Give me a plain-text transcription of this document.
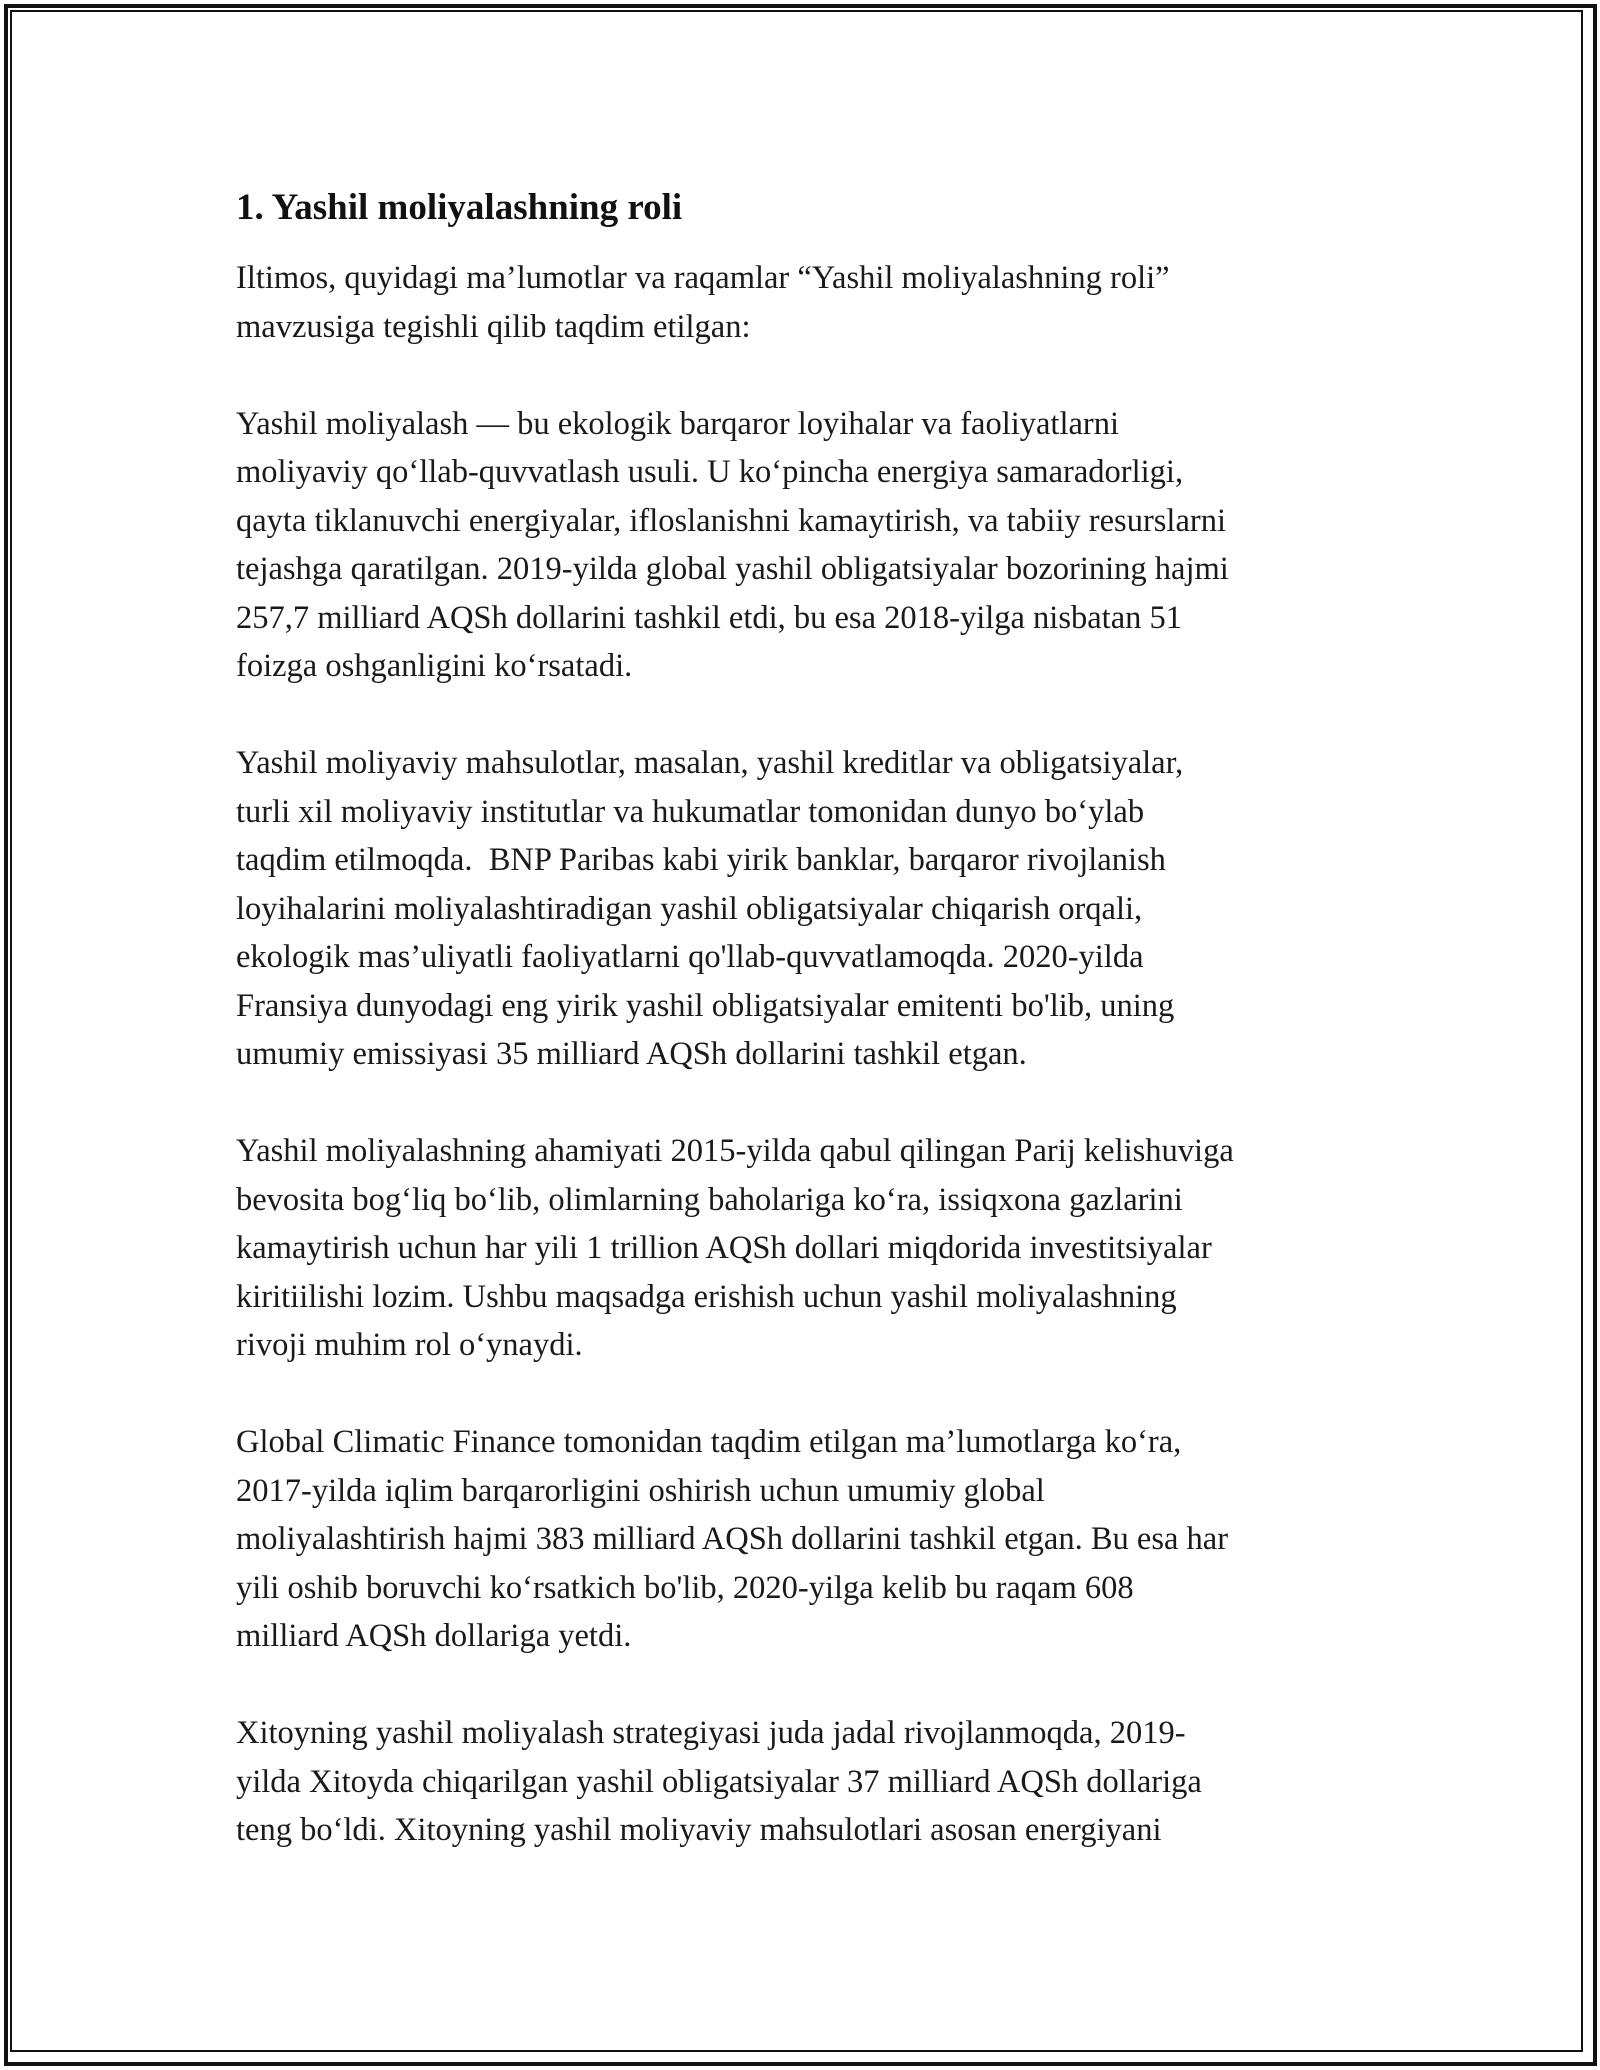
1. Yashil moliyalashning roli

Iltimos, quyidagi ma’lumotlar va raqamlar “Yashil moliyalashning roli”
mavzusiga tegishli qilib taqdim etilgan:

Yashil moliyalash — bu ekologik barqaror loyihalar va faoliyatlarni
moliyaviy qo‘llab-quvvatlash usuli. U ko‘pincha energiya samaradorligi,
qayta tiklanuvchi energiyalar, ifloslanishni kamaytirish, va tabiiy resurslarni
tejashga qaratilgan. 2019-yilda global yashil obligatsiyalar bozorining hajmi
257,7 milliard AQSh dollarini tashkil etdi, bu esa 2018-yilga nisbatan 51
foizga oshganligini ko‘rsatadi.

Yashil moliyaviy mahsulotlar, masalan, yashil kreditlar va obligatsiyalar,
turli xil moliyaviy institutlar va hukumatlar tomonidan dunyo bo‘ylab
taqdim etilmoqda.  BNP Paribas kabi yirik banklar, barqaror rivojlanish
loyihalarini moliyalashtiradigan yashil obligatsiyalar chiqarish orqali,
ekologik mas’uliyatli faoliyatlarni qo'llab-quvvatlamoqda. 2020-yilda
Fransiya dunyodagi eng yirik yashil obligatsiyalar emitenti bo'lib, uning
umumiy emissiyasi 35 milliard AQSh dollarini tashkil etgan.

Yashil moliyalashning ahamiyati 2015-yilda qabul qilingan Parij kelishuviga
bevosita bog‘liq bo‘lib, olimlarning baholariga ko‘ra, issiqxona gazlarini
kamaytirish uchun har yili 1 trillion AQSh dollari miqdorida investitsiyalar
kiritiilishi lozim. Ushbu maqsadga erishish uchun yashil moliyalashning
rivoji muhim rol o‘ynaydi.

Global Climatic Finance tomonidan taqdim etilgan ma’lumotlarga ko‘ra,
2017-yilda iqlim barqarorligini oshirish uchun umumiy global
moliyalashtirish hajmi 383 milliard AQSh dollarini tashkil etgan. Bu esa har
yili oshib boruvchi ko‘rsatkich bo'lib, 2020-yilga kelib bu raqam 608
milliard AQSh dollariga yetdi.

Xitoyning yashil moliyalash strategiyasi juda jadal rivojlanmoqda, 2019-
yilda Xitoyda chiqarilgan yashil obligatsiyalar 37 milliard AQSh dollariga
teng bo‘ldi. Xitoyning yashil moliyaviy mahsulotlari asosan energiyani
